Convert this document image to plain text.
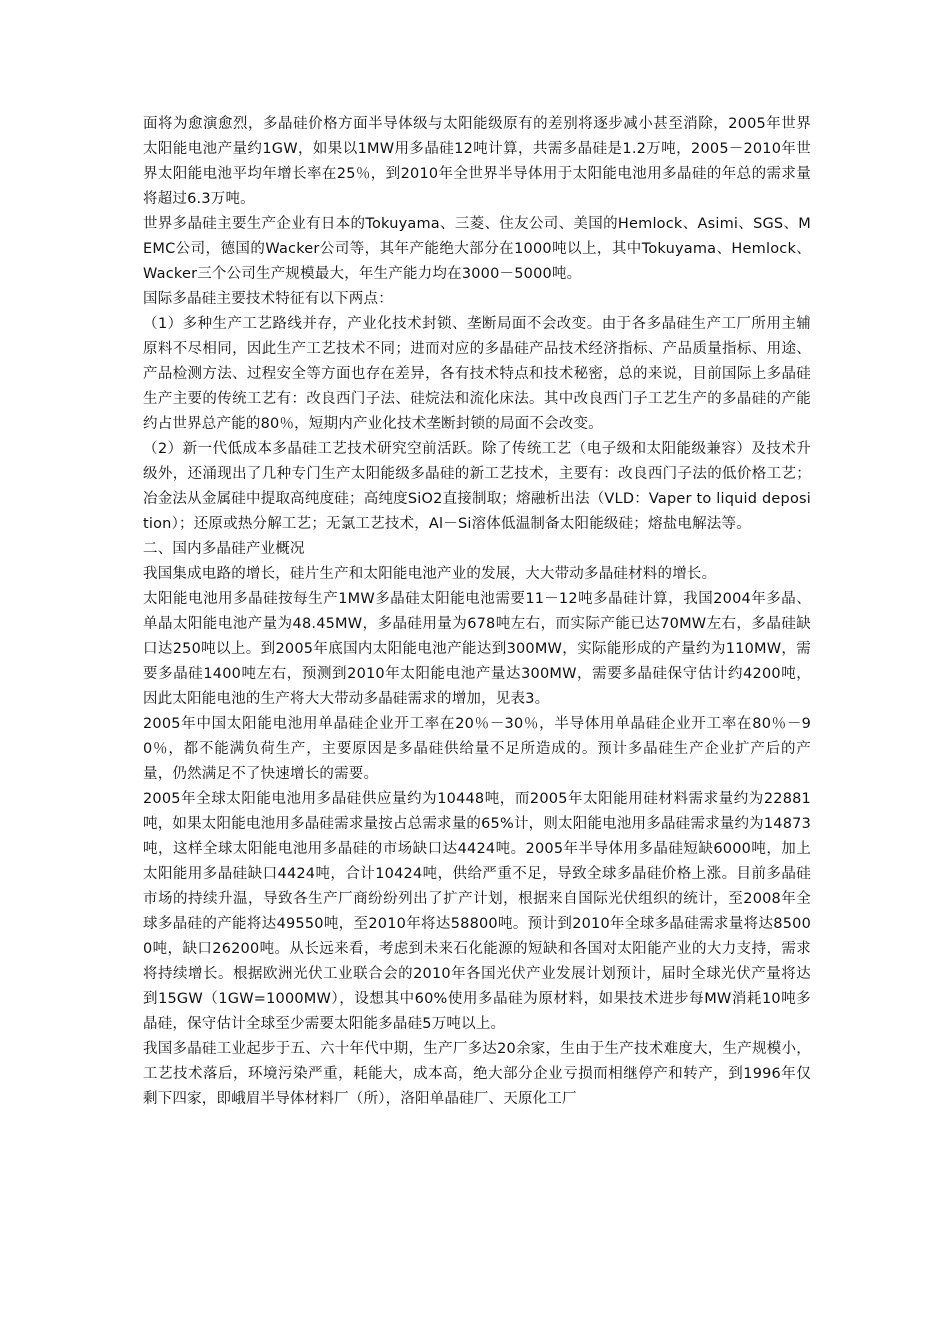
面将为愈演愈烈，多晶硅价格方面半导体级与太阳能级原有的差别将逐步减小甚至消除，2005年世界太阳能电池产量约1GW，如果以1MW用多晶硅12吨计算，共需多晶硅是1.2万吨，2005－2010年世界太阳能电池平均年增长率在25％，到2010年全世界半导体用于太阳能电池用多晶硅的年总的需求量将超过6.3万吨。

世界多晶硅主要生产企业有日本的Tokuyama、三菱、住友公司、美国的Hemlock、Asimi、SGS、MEMC公司，德国的Wacker公司等，其年产能绝大部分在1000吨以上，其中Tokuyama、Hemlock、Wacker三个公司生产规模最大，年生产能力均在3000－5000吨。

国际多晶硅主要技术特征有以下两点：

（1）多种生产工艺路线并存，产业化技术封锁、垄断局面不会改变。由于各多晶硅生产工厂所用主辅原料不尽相同，因此生产工艺技术不同；进而对应的多晶硅产品技术经济指标、产品质量指标、用途、产品检测方法、过程安全等方面也存在差异，各有技术特点和技术秘密，总的来说，目前国际上多晶硅生产主要的传统工艺有：改良西门子法、硅烷法和流化床法。其中改良西门子工艺生产的多晶硅的产能约占世界总产能的80％，短期内产业化技术垄断封锁的局面不会改变。

（2）新一代低成本多晶硅工艺技术研究空前活跃。除了传统工艺（电子级和太阳能级兼容）及技术升级外，还涌现出了几种专门生产太阳能级多晶硅的新工艺技术，主要有：改良西门子法的低价格工艺；冶金法从金属硅中提取高纯度硅；高纯度SiO2直接制取；熔融析出法（VLD：Vaper to liquid deposition）；还原或热分解工艺；无氯工艺技术，Al－Si溶体低温制备太阳能级硅；熔盐电解法等。

二、国内多晶硅产业概况

我国集成电路的增长，硅片生产和太阳能电池产业的发展，大大带动多晶硅材料的增长。

太阳能电池用多晶硅按每生产1MW多晶硅太阳能电池需要11－12吨多晶硅计算，我国2004年多晶、单晶太阳能电池产量为48.45MW，多晶硅用量为678吨左右，而实际产能已达70MW左右，多晶硅缺口达250吨以上。到2005年底国内太阳能电池产能达到300MW，实际能形成的产量约为110MW，需要多晶硅1400吨左右，预测到2010年太阳能电池产量达300MW，需要多晶硅保守估计约4200吨，因此太阳能电池的生产将大大带动多晶硅需求的增加，见表3。

2005年中国太阳能电池用单晶硅企业开工率在20％－30％，半导体用单晶硅企业开工率在80％－90％，都不能满负荷生产，主要原因是多晶硅供给量不足所造成的。预计多晶硅生产企业扩产后的产量，仍然满足不了快速增长的需要。

2005年全球太阳能电池用多晶硅供应量约为10448吨，而2005年太阳能用硅材料需求量约为22881吨，如果太阳能电池用多晶硅需求量按占总需求量的65%计，则太阳能电池用多晶硅需求量约为14873吨，这样全球太阳能电池用多晶硅的市场缺口达4424吨。2005年半导体用多晶硅短缺6000吨，加上太阳能用多晶硅缺口4424吨，合计10424吨，供给严重不足，导致全球多晶硅价格上涨。目前多晶硅市场的持续升温，导致各生产厂商纷纷列出了扩产计划，根据来自国际光伏组织的统计，至2008年全球多晶硅的产能将达49550吨，至2010年将达58800吨。预计到2010年全球多晶硅需求量将达85000吨，缺口26200吨。从长远来看，考虑到未来石化能源的短缺和各国对太阳能产业的大力支持，需求将持续增长。根据欧洲光伏工业联合会的2010年各国光伏产业发展计划预计，届时全球光伏产量将达到15GW（1GW=1000MW），设想其中60%使用多晶硅为原材料，如果技术进步每MW消耗10吨多晶硅，保守估计全球至少需要太阳能多晶硅5万吨以上。

我国多晶硅工业起步于五、六十年代中期，生产厂多达20余家，生由于生产技术难度大，生产规模小，工艺技术落后，环境污染严重，耗能大，成本高，绝大部分企业亏损而相继停产和转产，到1996年仅剩下四家，即峨眉半导体材料厂（所），洛阳单晶硅厂、天原化工厂
